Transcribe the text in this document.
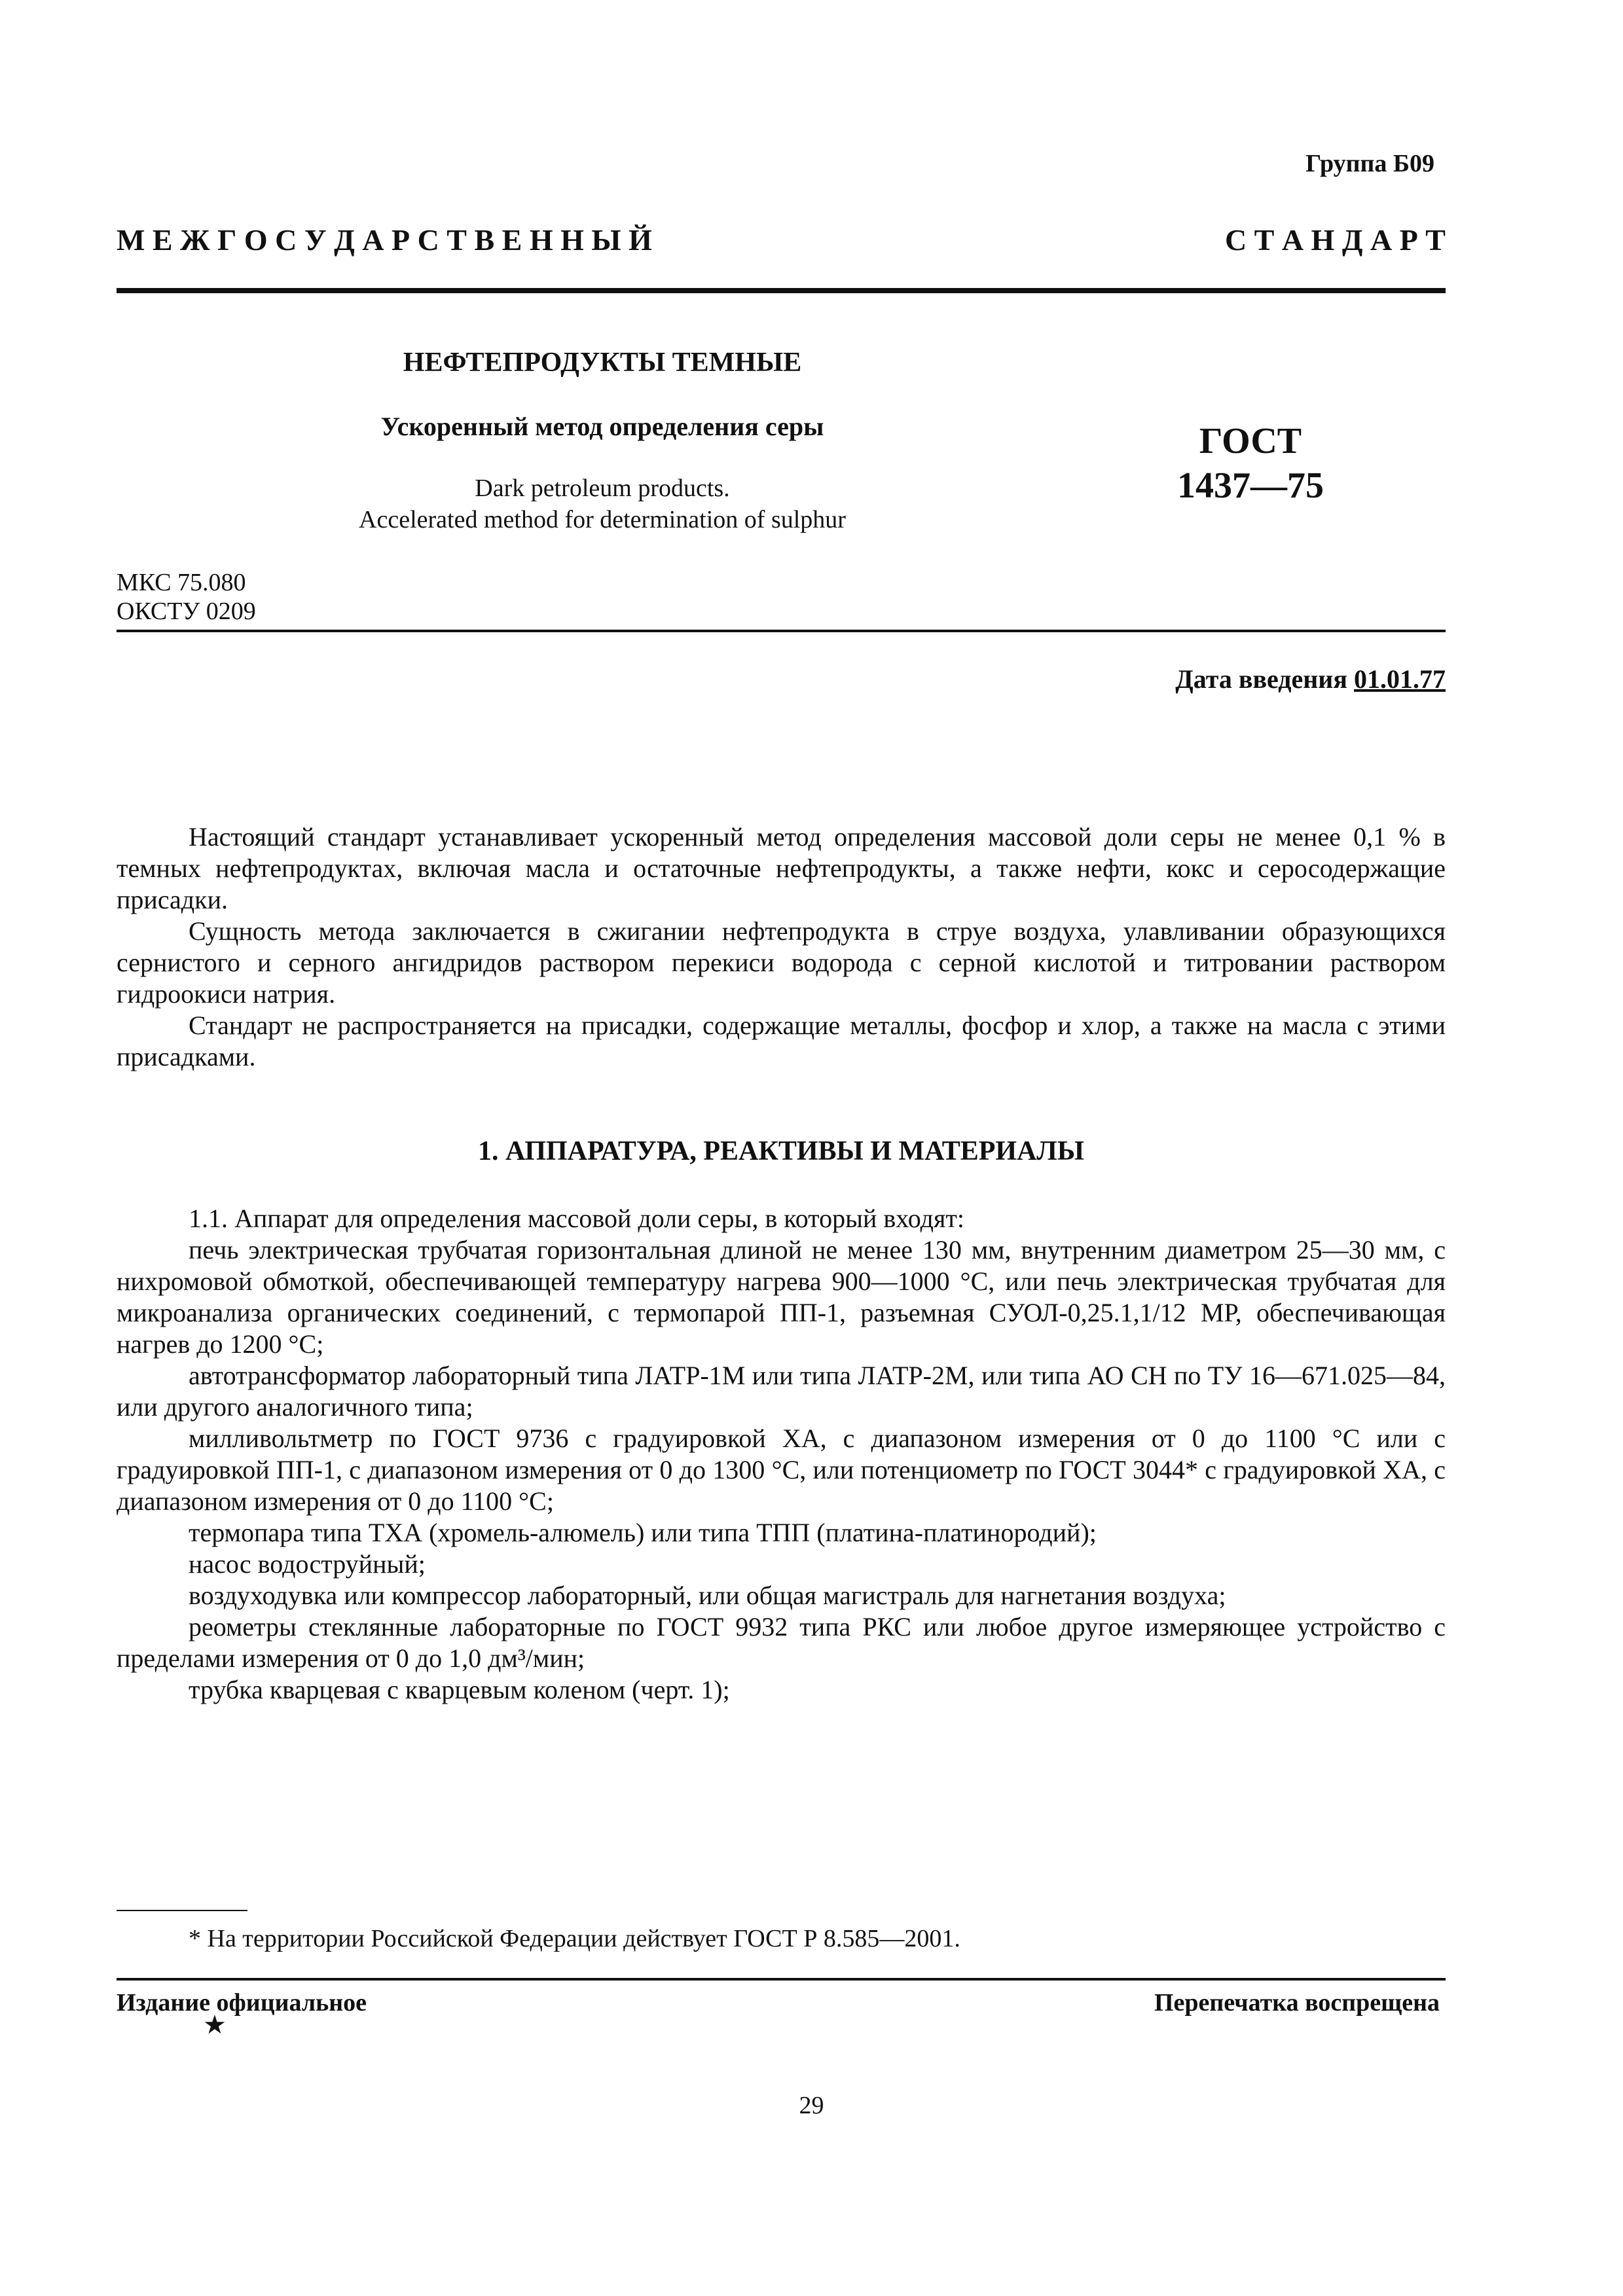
Группа Б09
М Е Ж Г О С У Д А Р С Т В Е Н Н Ы Й	С Т А Н Д А Р Т
НЕФТЕПРОДУКТЫ ТЕМНЫЕ
Ускоренный метод определения серы
Dark petroleum products.
Accelerated method for determination of sulphur
ГОСТ
1437—75
МКС 75.080
ОКСТУ 0209
Дата введения 01.01.77

Настоящий стандарт устанавливает ускоренный метод определения массовой доли серы не менее 0,1 % в темных нефтепродуктах, включая масла и остаточные нефтепродукты, а также нефти, кокс и серосодержащие присадки.

Сущность метода заключается в сжигании нефтепродукта в струе воздуха, улавливании образующихся сернистого и серного ангидридов раствором перекиси водорода с серной кислотой и титровании раствором гидроокиси натрия.

Стандарт не распространяется на присадки, содержащие металлы, фосфор и хлор, а также на масла с этими присадками.

1. АППАРАТУРА, РЕАКТИВЫ И МАТЕРИАЛЫ

1.1. Аппарат для определения массовой доли серы, в который входят:

печь электрическая трубчатая горизонтальная длиной не менее 130 мм, внутренним диаметром 25—30 мм, с нихромовой обмоткой, обеспечивающей температуру нагрева 900—1000 °С, или печь электрическая трубчатая для микроанализа органических соединений, с термопарой ПП-1, разъемная СУОЛ-0,25.1,1/12 МР, обеспечивающая нагрев до 1200 °С;

автотрансформатор лабораторный типа ЛАТР-1М или типа ЛАТР-2М, или типа АО СН по ТУ 16—671.025—84, или другого аналогичного типа;

милливольтметр по ГОСТ 9736 с градуировкой ХА, с диапазоном измерения от 0 до 1100 °С или с градуировкой ПП-1, с диапазоном измерения от 0 до 1300 °С, или потенциометр по ГОСТ 3044* с градуировкой ХА, с диапазоном измерения от 0 до 1100 °С;

термопара типа ТХА (хромель-алюмель) или типа ТПП (платина-платинородий);

насос водоструйный;

воздуходувка или компрессор лабораторный, или общая магистраль для нагнетания воздуха;

реометры стеклянные лабораторные по ГОСТ 9932 типа РКС или любое другое измеряющее устройство с пределами измерения от 0 до 1,0 дм³/мин;

трубка кварцевая с кварцевым коленом (черт. 1);

* На территории Российской Федерации действует ГОСТ Р 8.585—2001.
Издание официальное
★
Перепечатка воспрещена
29
